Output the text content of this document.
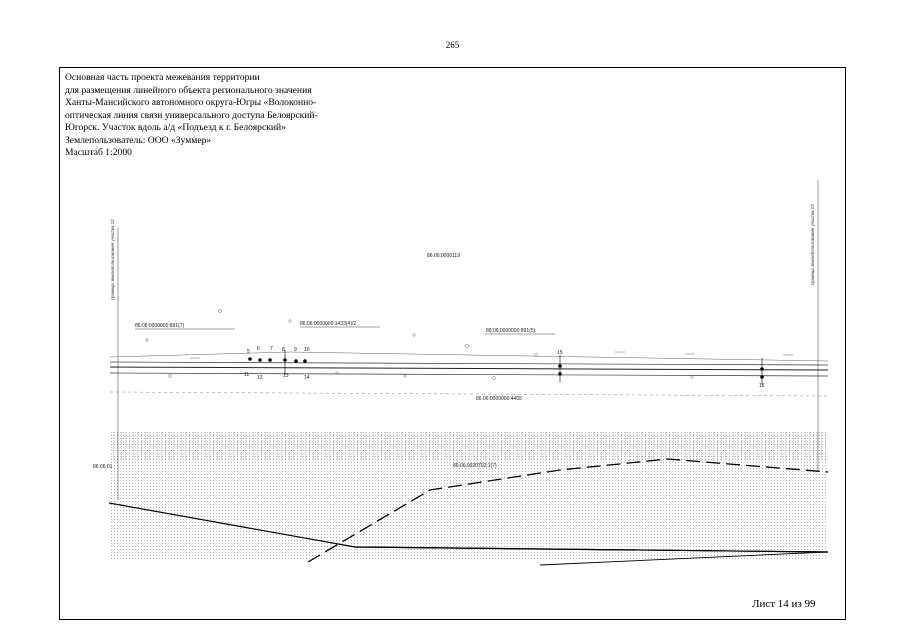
265
Основная часть проекта межевания территории
для размещения линейного объекта регионального значения
Ханты-Мансийского автономного округа-Югры «Волоконно-
оптическая линия связи универсального доступа Белоярский-
Югорск. Участок вдоль а/д «Подъезд к г. Белоярский»
Землепользователь: ООО «Зуммер»
Масштаб 1:2000
86:00:0000119
86:06:0000000:891(7)	86:06:0000000:1433(4)/2
86:06:0000000:891(5)
86:06:0000000:4465
86:06:0020702:1(7)
граница землепользования участка 12	граница землепользования участка 13
86:06:01
5 6 7 8 9 10
11 12	13	14
15
16
Лист 14 из 99
